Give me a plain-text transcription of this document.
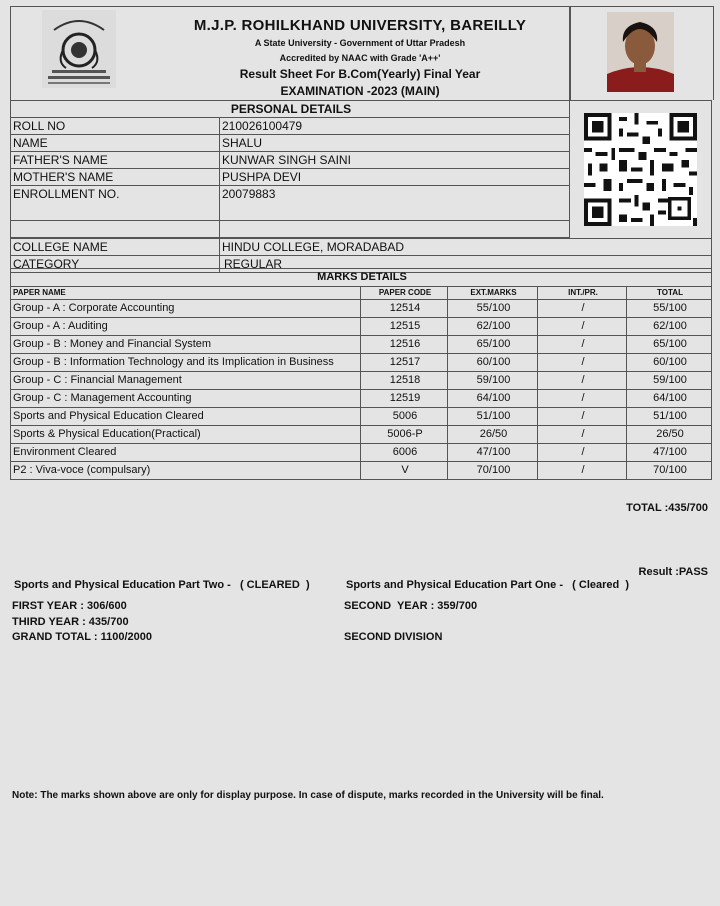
M.J.P. ROHILKHAND UNIVERSITY, BAREILLY
A State University - Government of Uttar Pradesh
Accredited by NAAC with Grade 'A++'
Result Sheet For B.Com(Yearly) Final Year
EXAMINATION -2023 (MAIN)
PERSONAL DETAILS	

ROLL NO	210026100479	
NAME	SHALU	
FATHER'S NAME	KUNWAR SINGH SAINI	
MOTHER'S NAME	PUSHPA DEVI	
ENROLLMENT NO.	20079883	

COLLEGE NAME	HINDU COLLEGE, MORADABAD	
CATEGORY	REGULAR	
MARKS DETAILS				
PAPER NAME	PAPER CODE	EXT.MARKS	INT./PR.	TOTAL
Group - A : Corporate Accounting	12514	55/100	/	55/100
Group - A : Auditing	12515	62/100	/	62/100
Group - B : Money and Financial System	12516	65/100	/	65/100
Group - B : Information Technology and its Implication in Business	12517	60/100	/	60/100
Group - C : Financial Management	12518	59/100	/	59/100
Group - C : Management Accounting	12519	64/100	/	64/100
Sports and Physical Education Cleared	5006	51/100	/	51/100
Sports & Physical Education(Practical)	5006-P	26/50	/	26/50
Environment Cleared	6006	47/100	/	47/100
P2 : Viva-voce (compulsary)	V	70/100	/	70/100
TOTAL :435/700
Result :PASS
Sports and Physical Education Part Two -   ( CLEARED  )	Sports and Physical Education Part One -   ( Cleared  )
FIRST YEAR : 306/600	SECOND  YEAR : 359/700
THIRD YEAR : 435/700
GRAND TOTAL : 1100/2000	SECOND DIVISION
Note: The marks shown above are only for display purpose. In case of dispute, marks recorded in the University will be final.
